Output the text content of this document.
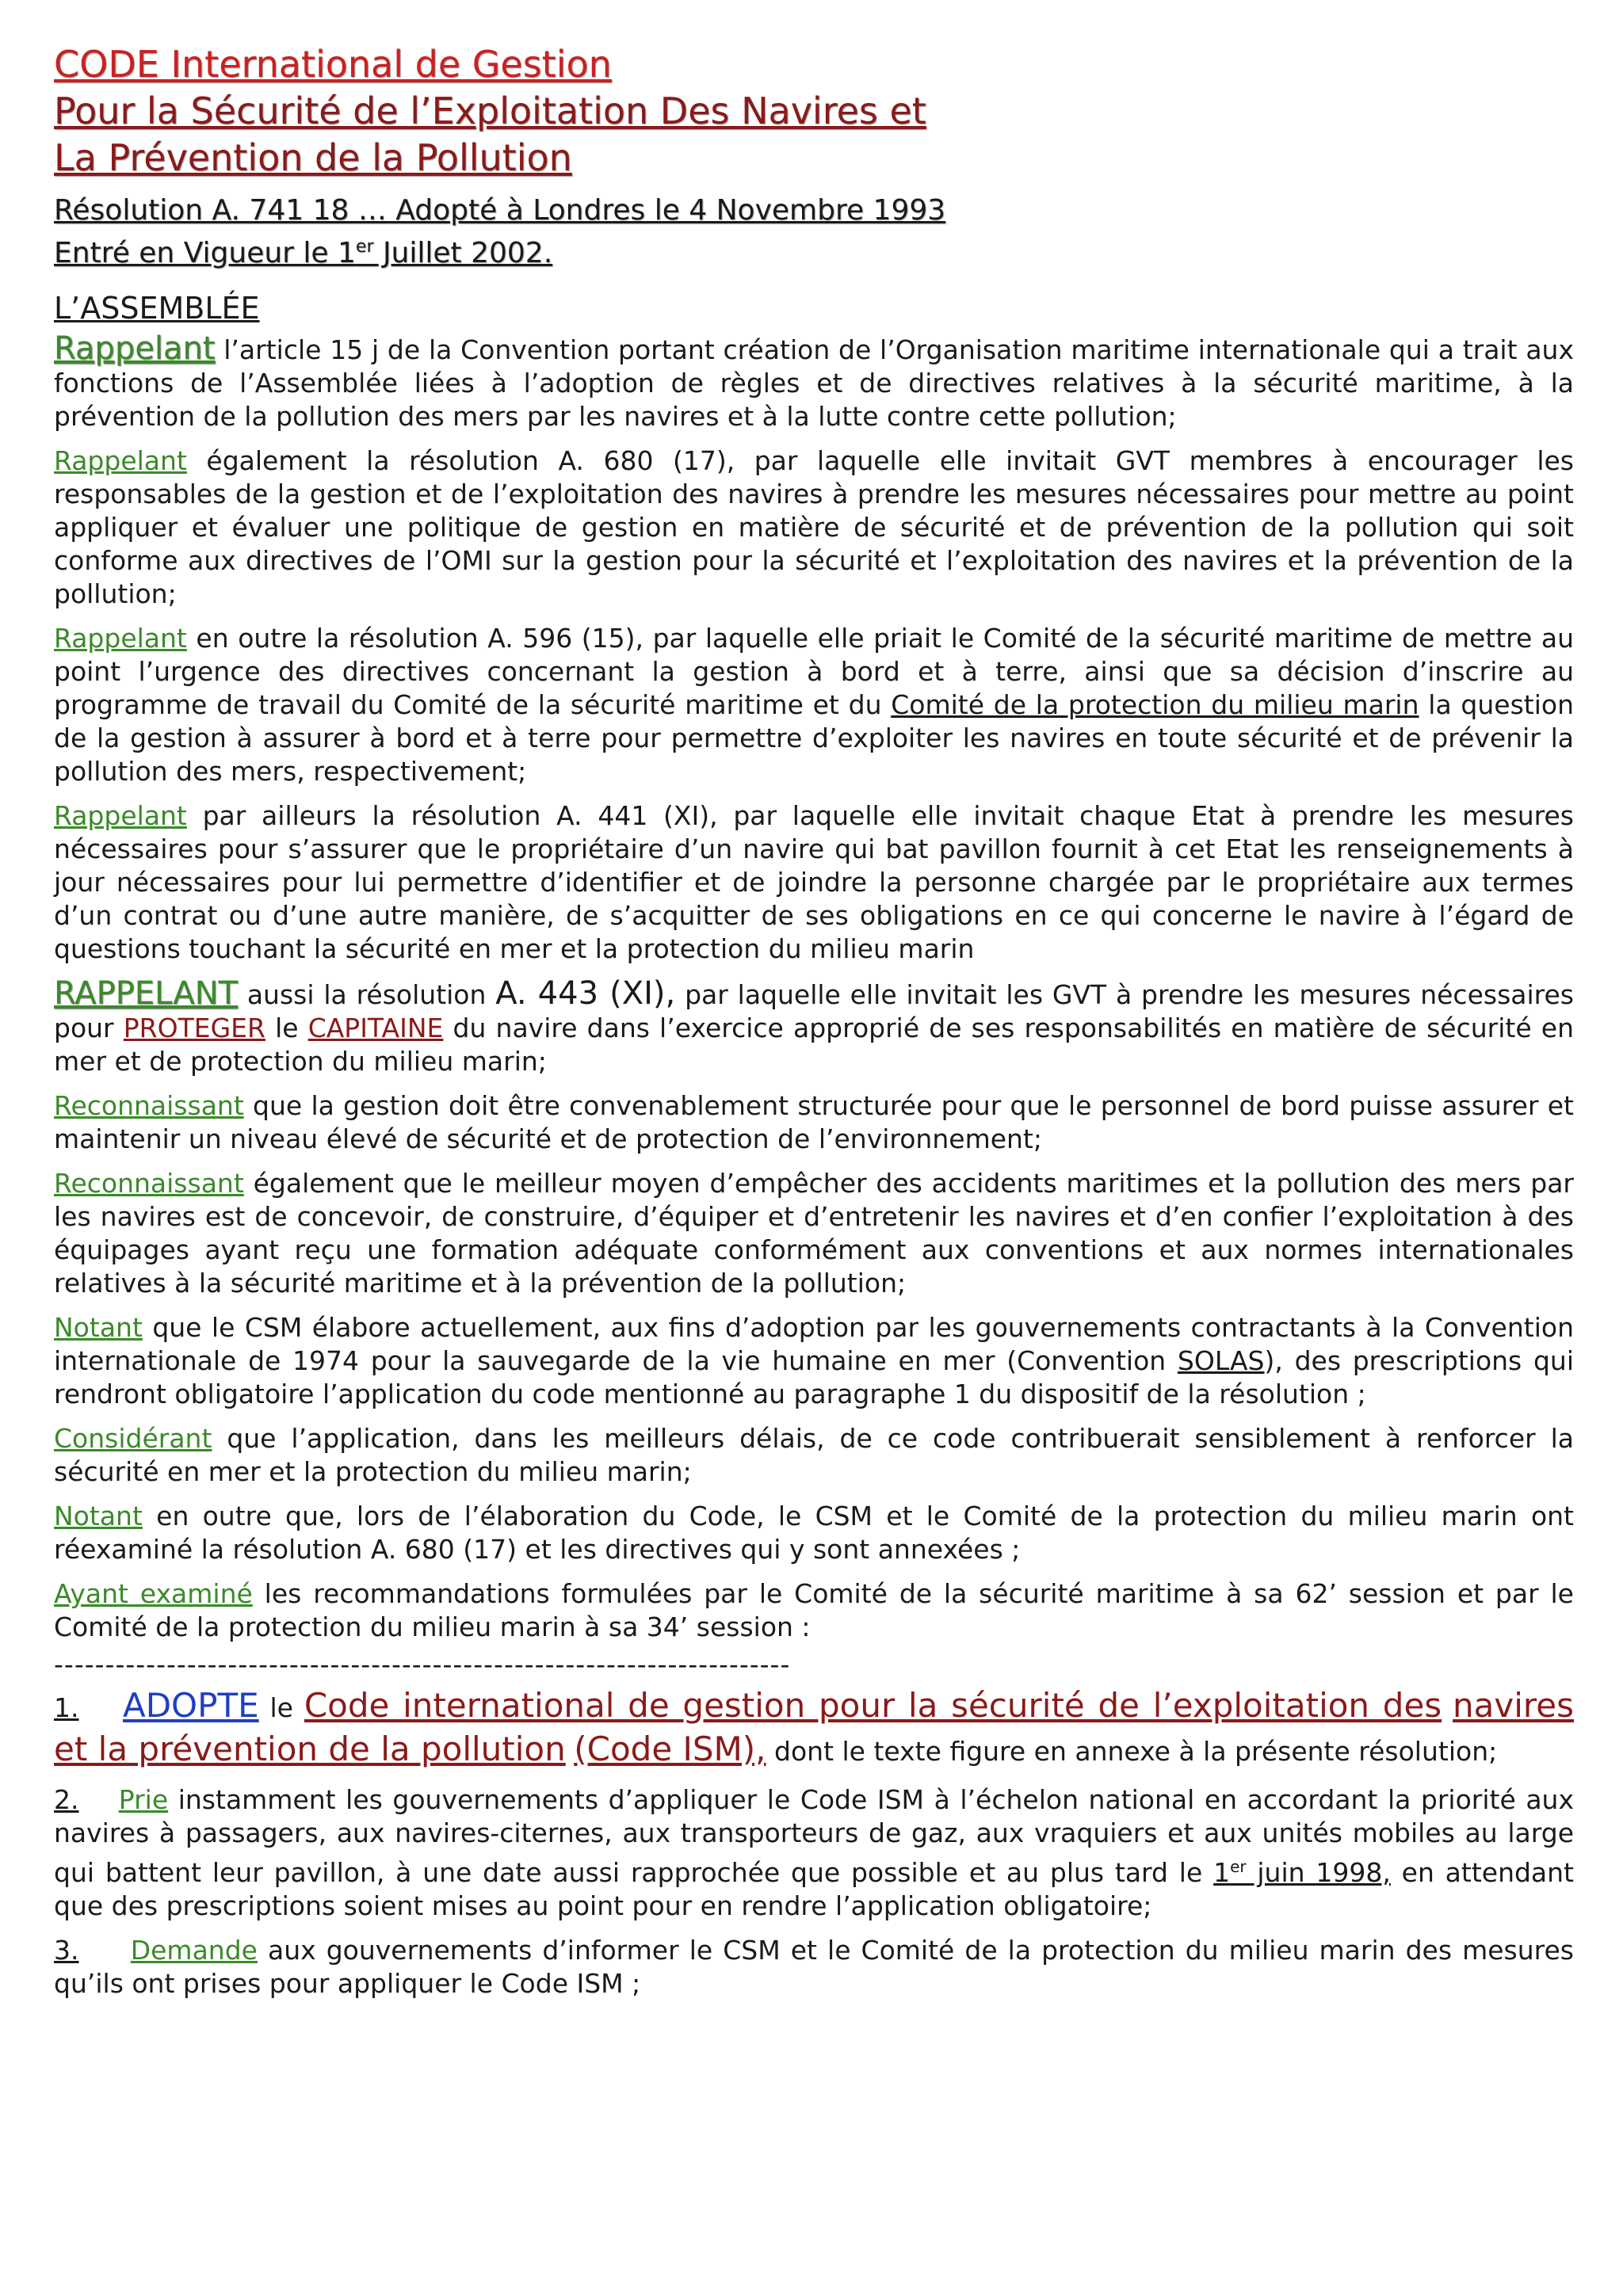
CODE International de Gestion
Pour la Sécurité de l’Exploitation Des Navires et
La Prévention de la Pollution
Résolution A. 741 18 … Adopté à Londres le 4 Novembre 1993
Entré en Vigueur le 1er Juillet 2002.
L’ASSEMBLÉE

Rappelant l’article 15 j de la Convention portant création de l’Organisation maritime internationale qui a trait aux fonctions de l’Assemblée liées à l’adoption de règles et de directives relatives à la sécurité maritime, à la prévention de la pollution des mers par les navires et à la lutte contre cette pollution;

Rappelant également la résolution A. 680 (17), par laquelle elle invitait GVT membres à encourager les responsables de la gestion et de l’exploitation des navires à prendre les mesures nécessaires pour mettre au point appliquer et évaluer une politique de gestion en matière de sécurité et de prévention de la pollution qui soit conforme aux directives de l’OMI sur la gestion pour la sécurité et l’exploitation des navires et la prévention de la pollution;

Rappelant en outre la résolution A. 596 (15), par laquelle elle priait le Comité de la sécurité maritime de mettre au point l’urgence des directives concernant la gestion à bord et à terre, ainsi que sa décision d’inscrire au programme de travail du Comité de la sécurité maritime et du Comité de la protection du milieu marin la question de la gestion à assurer à bord et à terre pour permettre d’exploiter les navires en toute sécurité et de prévenir la pollution des mers, respectivement;

Rappelant par ailleurs la résolution A. 441 (XI), par laquelle elle invitait chaque Etat à prendre les mesures nécessaires pour s’assurer que le propriétaire d’un navire qui bat pavillon fournit à cet Etat les renseignements à jour nécessaires pour lui permettre d’identifier et de joindre la personne chargée par le propriétaire aux termes d’un contrat ou d’une autre manière, de s’acquitter de ses obligations en ce qui concerne le navire à l’égard de questions touchant la sécurité en mer et la protection du milieu marin

RAPPELANT aussi la résolution A. 443 (XI), par laquelle elle invitait les GVT à prendre les mesures nécessaires pour PROTEGER le CAPITAINE du navire dans l’exercice approprié de ses responsabilités en matière de sécurité en mer et de protection du milieu marin;

Reconnaissant que la gestion doit être convenablement structurée pour que le personnel de bord puisse assurer et maintenir un niveau élevé de sécurité et de protection de l’environnement;

Reconnaissant également que le meilleur moyen d’empêcher des accidents maritimes et la pollution des mers par les navires est de concevoir, de construire, d’équiper et d’entretenir les navires et d’en confier l’exploitation à des équipages ayant reçu une formation adéquate conformément aux conventions et aux normes internationales relatives à la sécurité maritime et à la prévention de la pollution;

Notant que le CSM élabore actuellement, aux fins d’adoption par les gouvernements contractants à la Convention internationale de 1974 pour la sauvegarde de la vie humaine en mer (Convention SOLAS), des prescriptions qui rendront obligatoire l’application du code mentionné au paragraphe 1 du dispositif de la résolution ;

Considérant que l’application, dans les meilleurs délais, de ce code contribuerait sensiblement à renforcer la sécurité en mer et la protection du milieu marin;

Notant en outre que, lors de l’élaboration du Code, le CSM et le Comité de la protection du milieu marin ont réexaminé la résolution A. 680 (17) et les directives qui y sont annexées ;

Ayant examiné les recommandations formulées par le Comité de la sécurité maritime à sa 62’ session et par le Comité de la protection du milieu marin à sa 34’ session :

------------------------------------------------------------------------

1. ADOPTE le Code international de gestion pour la sécurité de l’exploitation des navires et la prévention de la pollution (Code ISM), dont le texte figure en annexe à la présente résolution;

2. Prie instamment les gouvernements d’appliquer le Code ISM à l’échelon national en accordant la priorité aux navires à passagers, aux navires-citernes, aux transporteurs de gaz, aux vraquiers et aux unités mobiles au large qui battent leur pavillon, à une date aussi rapprochée que possible et au plus tard le 1er juin 1998, en attendant que des prescriptions soient mises au point pour en rendre l’application obligatoire;

3. Demande aux gouvernements d’informer le CSM et le Comité de la protection du milieu marin des mesures qu’ils ont prises pour appliquer le Code ISM ;
